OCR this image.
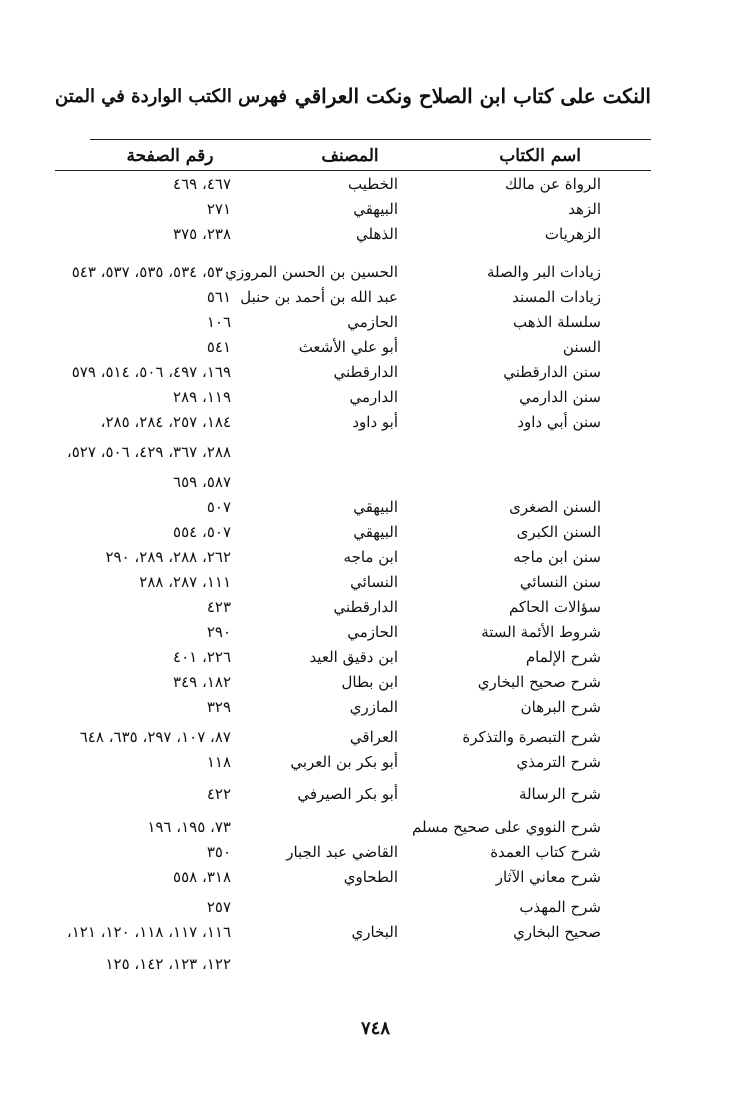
النكت على كتاب ابن الصلاح ونكت العراقي
فهرس الكتب الواردة في المتن
اسم الكتاب
المصنف
رقم الصفحة
الرواة عن مالك
الخطيب
٤٦٧، ٤٦٩
الزهد
البيهقي
٢٧١
الزهريات
الذهلي
٢٣٨، ٣٧٥
زيادات البر والصلة
الحسين بن الحسن المروزي
٥٣٠، ٥٣٤، ٥٣٥، ٥٣٧، ٥٤٣
زيادات المسند
عبد الله بن أحمد بن حنبل
٥٦١
سلسلة الذهب
الحازمي
١٠٦
السنن
أبو علي الأشعث
٥٤١
سنن الدارقطني
الدارقطني
١٦٩، ٤٩٧، ٥٠٦، ٥١٤، ٥٧٩
سنن الدارمي
الدارمي
١١٩، ٢٨٩
سنن أبي داود
أبو داود
١٨٤، ٢٥٧، ٢٨٤، ٢٨٥،
٢٨٨، ٣٦٧، ٤٢٩، ٥٠٦، ٥٢٧،
٥٨٧، ٦٥٩
السنن الصغرى
البيهقي
٥٠٧
السنن الكبرى
البيهقي
٥٠٧، ٥٥٤
سنن ابن ماجه
ابن ماجه
٢٦٢، ٢٨٨، ٢٨٩، ٢٩٠
سنن النسائي
النسائي
١١١، ٢٨٧، ٢٨٨
سؤالات الحاكم
الدارقطني
٤٢٣
شروط الأئمة الستة
الحازمي
٢٩٠
شرح الإلمام
ابن دقيق العيد
٢٢٦، ٤٠١
شرح صحيح البخاري
ابن بطال
١٨٢، ٣٤٩
شرح البرهان
المازري
٣٢٩
شرح التبصرة والتذكرة
العراقي
٨٧، ١٠٧، ٢٩٧، ٦٣٥، ٦٤٨
شرح الترمذي
أبو بكر بن العربي
١١٨
شرح الرسالة
أبو بكر الصيرفي
٤٢٢
شرح النووي على صحيح مسلم
٧٣، ١٩٥، ١٩٦
شرح كتاب العمدة
القاضي عبد الجبار
٣٥٠
شرح معاني الآثار
الطحاوي
٣١٨، ٥٥٨
شرح المهذب
٢٥٧
صحيح البخاري
البخاري
١١٦، ١١٧، ١١٨، ١٢٠، ١٢١،
١٢٢، ١٢٣، ١٤٢، ١٢٥
٧٤٨
